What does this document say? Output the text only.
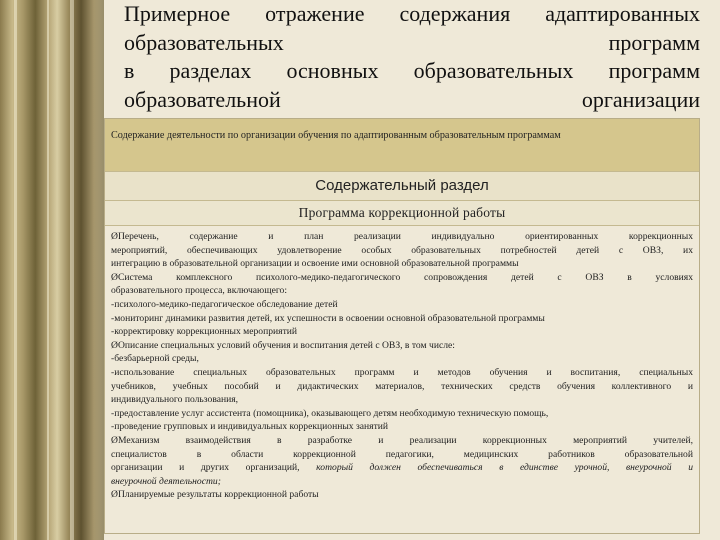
Примерное отражение содержания адаптированных
образовательных программ
в разделах основных образовательных программ
образовательной организации
Содержание деятельности по организации обучения по адаптированным образовательным программам
Содержательный раздел
Программа коррекционной работы
ØПеречень, содержание и план реализации индивидуально ориентированных коррекционных
мероприятий, обеспечивающих удовлетворение особых образовательных потребностей детей с ОВЗ, их
интеграцию в образовательной организации и освоение ими основной образовательной программы
ØСистема комплексного психолого-медико-педагогического сопровождения детей с ОВЗ в условиях
образовательного процесса, включающего:
-психолого-медико-педагогическое обследование детей
-мониторинг динамики развития детей, их успешности в освоении основной образовательной программы
-корректировку коррекционных мероприятий
ØОписание специальных условий обучения и воспитания детей с ОВЗ, в том числе:
-безбарьерной среды,
-использование специальных образовательных программ и методов обучения и воспитания, специальных
учебников, учебных пособий и дидактических материалов, технических средств обучения коллективного и
индивидуального пользования,
-предоставление услуг ассистента (помощника), оказывающего детям необходимую техническую помощь,
-проведение групповых и индивидуальных коррекционных занятий
ØМеханизм взаимодействия в разработке и реализации коррекционных мероприятий учителей,
специалистов в области коррекционной педагогики, медицинских работников образовательной
организации и других организаций, который должен обеспечиваться в единстве урочной, внеурочной и
внеурочной деятельности;
ØПланируемые результаты коррекционной работы
